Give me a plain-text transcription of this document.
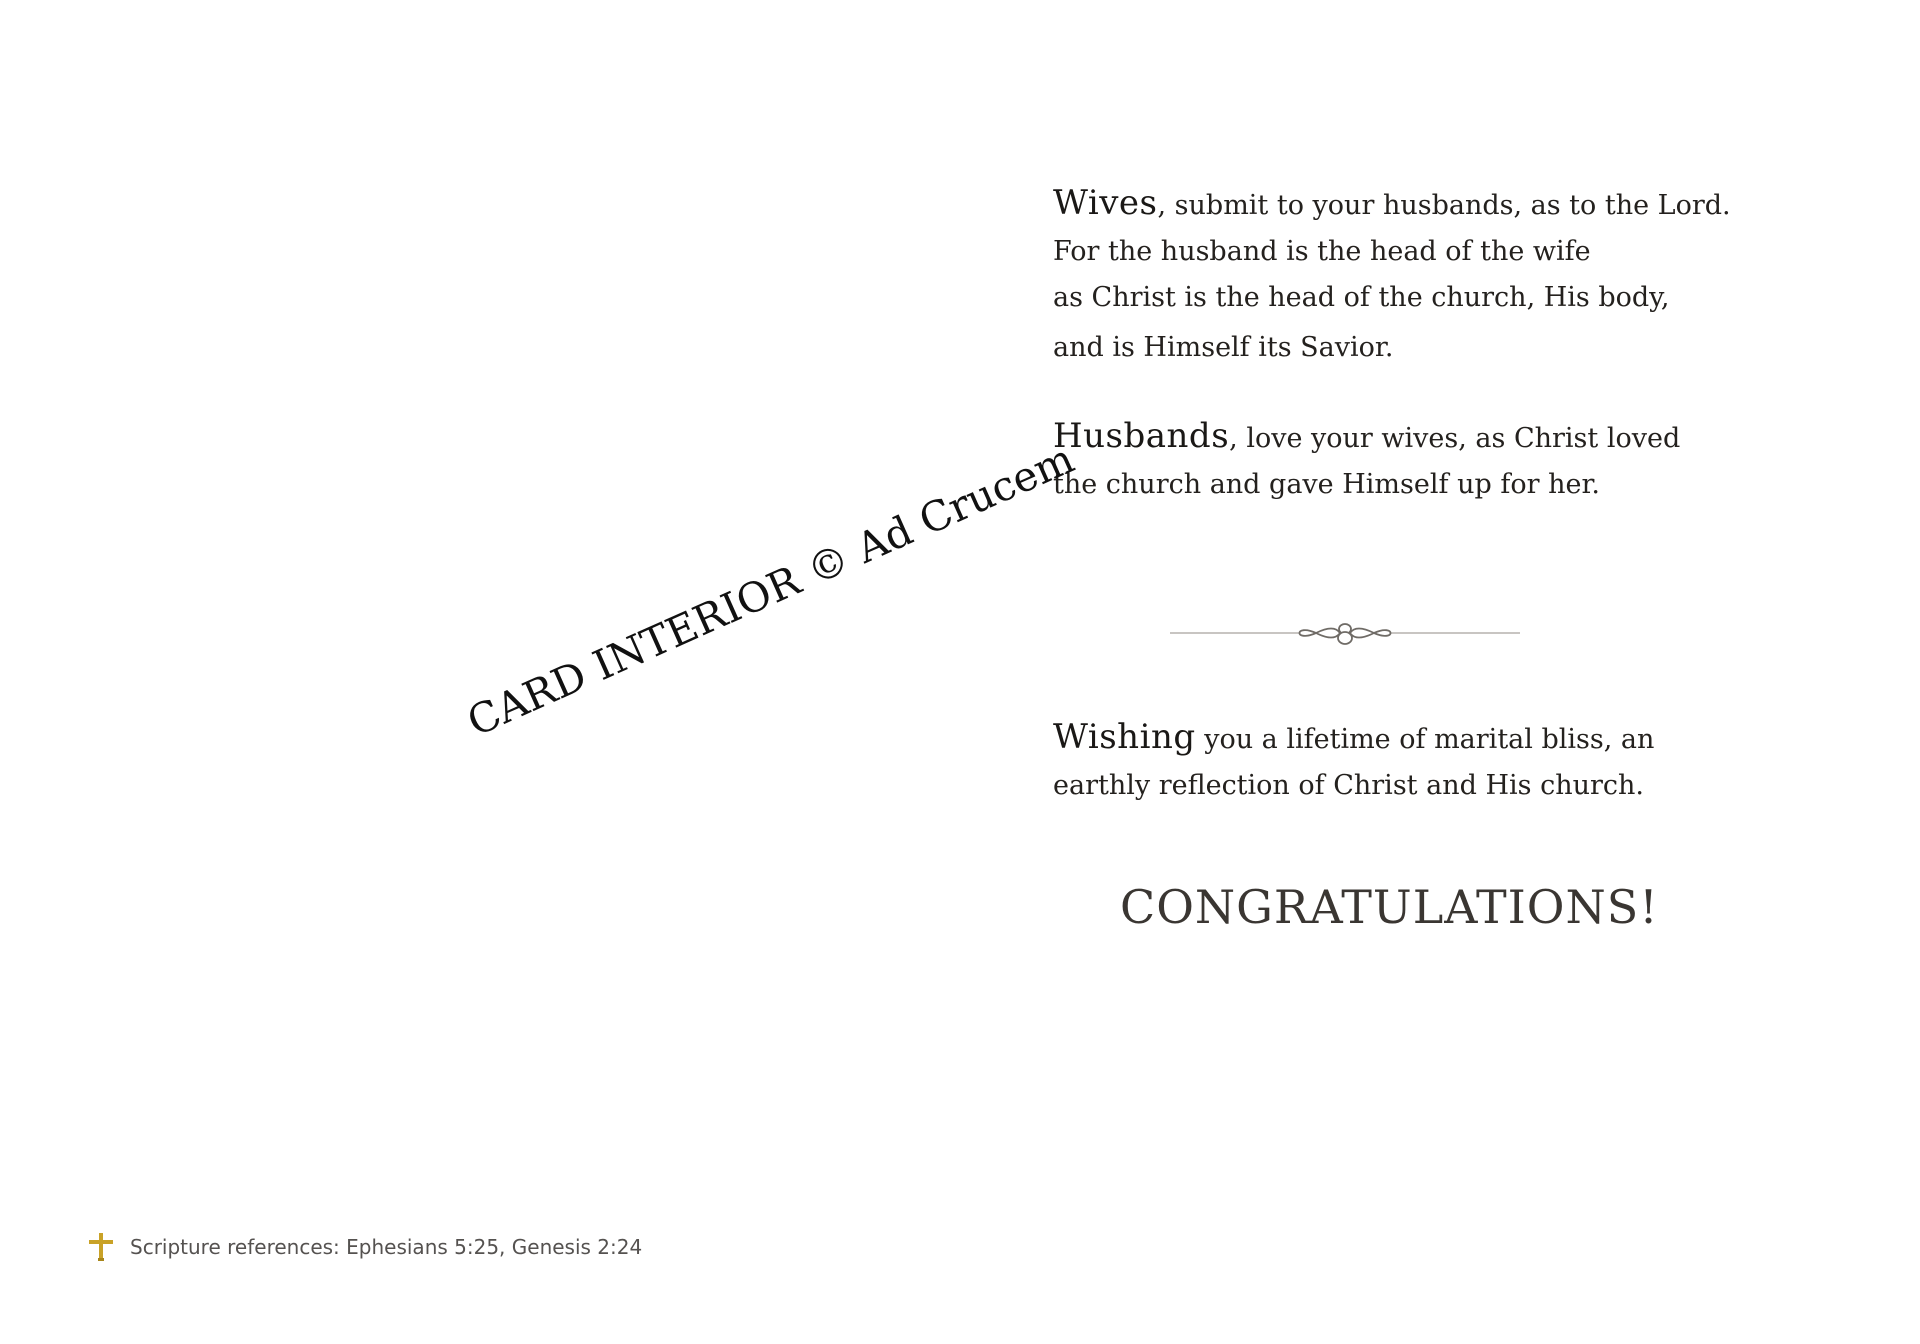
Wives, submit to your husbands, as to the Lord.

For the husband is the head of the wife

as Christ is the head of the church, His body,

and is Himself its Savior.

Husbands, love your wives, as Christ loved

the church and gave Himself up for her.

Wishing you a lifetime of marital bliss, an

earthly reflection of Christ and His church.

CONGRATULATIONS!
CARD INTERIOR © Ad Crucem
Scripture references: Ephesians 5:25, Genesis 2:24
